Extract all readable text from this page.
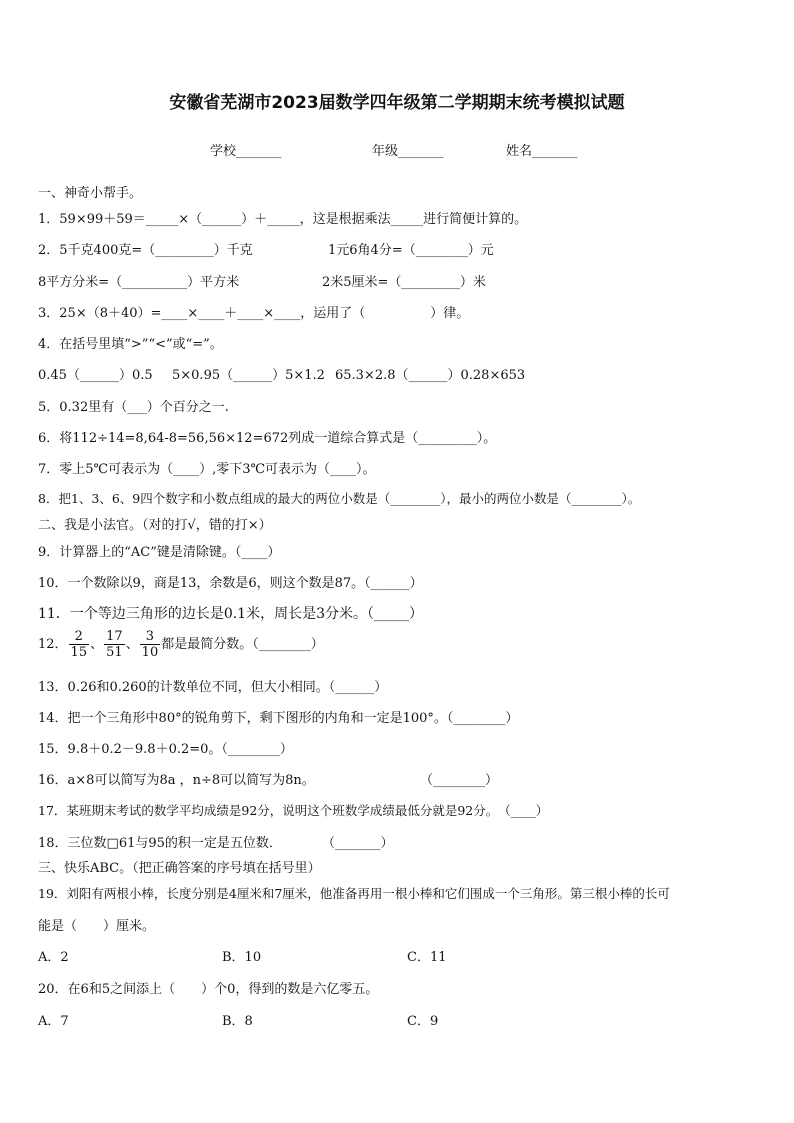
安徽省芜湖市2023届数学四年级第二学期期末统考模拟试题
学校_______	年级_______	姓名_______
一、神奇小帮手。
1．59×99＋59＝_____×（______）＋_____，这是根据乘法_____进行简便计算的。
2．5千克400克=（_________）千克	1元6角4分=（________）元
8平方分米=（__________）平方米	2米5厘米=（_________）米
3．25×（8＋40）=____×____＋____×____，运用了（　　　　　）律。
4．在括号里填“>”“<”或“=”。
0.45（______）0.5 5×0.95（______）5×1.2 65.3×2.8（______）0.28×653
5．0.32里有（___）个百分之一.
6．将112÷14=8,64-8=56,56×12=672列成一道综合算式是（_________）。
7．零上5℃可表示为（____）,零下3℃可表示为（____）。
8．把1、3、6、9四个数字和小数点组成的最大的两位小数是（________），最小的两位小数是（________）。
二、我是小法官。（对的打√，错的打×）
9．计算器上的“AC”键是清除键。（____）
10．一个数除以9，商是13，余数是6，则这个数是87。（______）
11．一个等边三角形的边长是0.1米，周长是3分米。（_____）
12． $\frac{2}{15}$ 、 $\frac{17}{51}$ 、 $\frac{3}{10}$ 都是最简分数。（________）
13．0.26和0.260的计数单位不同，但大小相同。（______）
14．把一个三角形中80°的锐角剪下，剩下图形的内角和一定是100°。（________）
15．9.8＋0.2－9.8＋0.2=0。（________）
16．a×8可以简写为8a ，n÷8可以简写为8n。	（________）
17．某班期末考试的数学平均成绩是92分，说明这个班数学成绩最低分就是92分。　（____）
18．三位数□61与95的积一定是五位数．	（_______）
三、快乐ABC。（把正确答案的序号填在括号里）
19．刘阳有两根小棒，长度分别是4厘米和7厘米，他准备再用一根小棒和它们围成一个三角形。第三根小棒的长可
能是（　　）厘米。
A．2	B．10	C．11
20．在6和5之间添上（　　）个0，得到的数是六亿零五。
A．7	B．8	C．9
